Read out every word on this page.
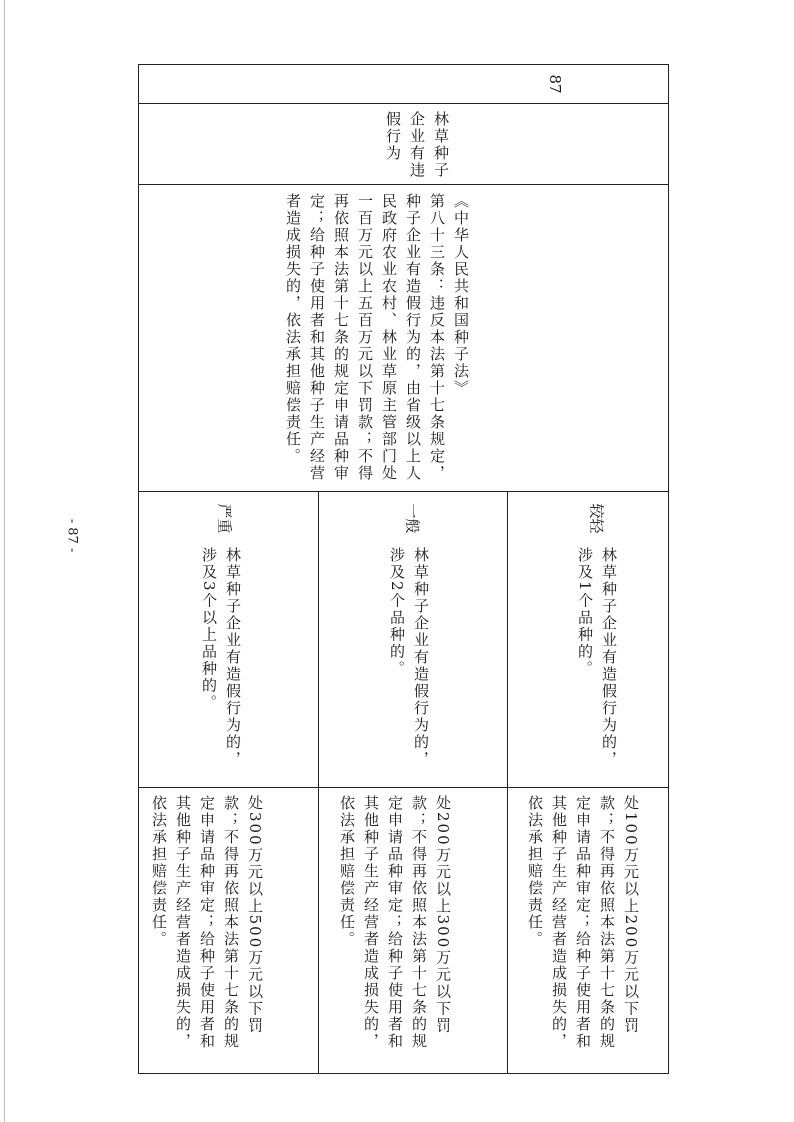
87
林草种子企业有违假行为
《中华人民共和国种子法》
第八十三条：违反本法第十七条规定，种子企业有造假行为的，由省级以上人民政府农业农村、林业草原主管部门处一百万元以上五百万元以下罚款；不得再依照本法第十七条的规定申请品种审定；给种子使用者和其他种子生产经营者造成损失的，依法承担赔偿责任。
较轻
一般
严重
林草种子企业有造假行为的，涉及1个品种的。
林草种子企业有造假行为的，涉及2个品种的。
林草种子企业有造假行为的，涉及3个以上品种的。
处100万元以上200万元以下罚款；不得再依照本法第十七条的规定申请品种审定；给种子使用者和其他种子生产经营者造成损失的，依法承担赔偿责任。
处200万元以上300万元以下罚款；不得再依照本法第十七条的规定申请品种审定；给种子使用者和其他种子生产经营者造成损失的，依法承担赔偿责任。
处300万元以上500万元以下罚款；不得再依照本法第十七条的规定申请品种审定；给种子使用者和其他种子生产经营者造成损失的，依法承担赔偿责任。
- 87 -
